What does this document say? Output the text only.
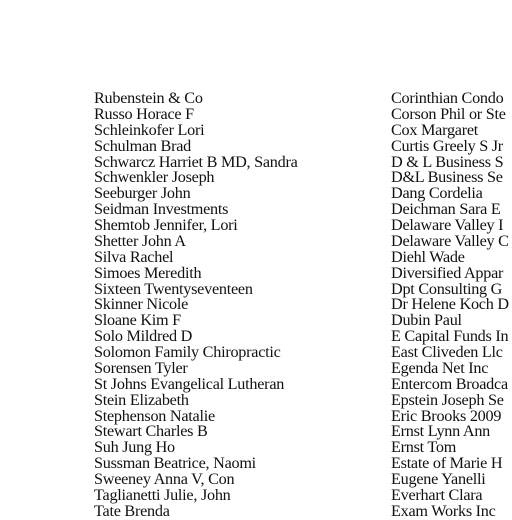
Rubenstein & Co
Russo Horace F
Schleinkofer Lori
Schulman Brad
Schwarcz Harriet B MD, Sandra
Schwenkler Joseph
Seeburger John
Seidman Investments
Shemtob Jennifer, Lori
Shetter John A
Silva Rachel
Simoes Meredith
Sixteen Twentyseventeen
Skinner Nicole
Sloane Kim F
Solo Mildred D
Solomon Family Chiropractic
Sorensen Tyler
St Johns Evangelical Lutheran
Stein Elizabeth
Stephenson Natalie
Stewart Charles B
Suh Jung Ho
Sussman Beatrice, Naomi
Sweeney Anna V, Con
Taglianetti Julie, John
Tate Brenda
Corinthian Condo
Corson Phil or Ste
Cox Margaret
Curtis Greely S Jr
D & L Business S
D&L Business Se
Dang Cordelia
Deichman Sara E
Delaware Valley I
Delaware Valley C
Diehl Wade
Diversified Appar
Dpt Consulting G
Dr Helene Koch D
Dubin Paul
E Capital Funds In
East Cliveden Llc
Egenda Net Inc
Entercom Broadca
Epstein Joseph Se
Eric Brooks 2009
Ernst Lynn Ann
Ernst Tom
Estate of Marie H
Eugene Yanelli
Everhart Clara
Exam Works Inc
